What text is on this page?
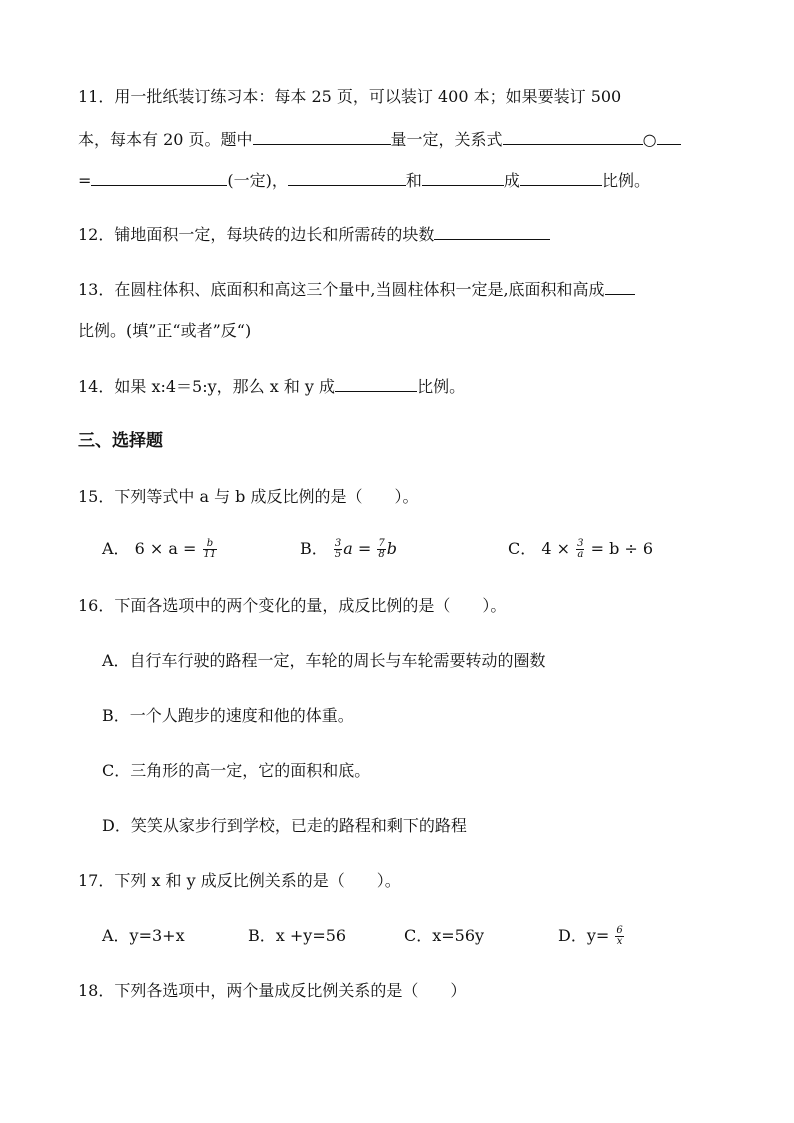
11．用一批纸装订练习本：每本 25 页，可以装订 400 本；如果要装订 500
本，每本有 20 页。题中	量一定，关系式	○
=	(一定)，	和	成	比例。
12．铺地面积一定，每块砖的边长和所需砖的块数
13．在圆柱体积、底面积和高这三个量中,当圆柱体积一定是,底面积和高成
比例。(填”正“或者”反“)
14．如果 x:4＝5:y，那么 x 和 y 成	比例。
三、选择题
15．下列等式中 a 与 b 成反比例的是（　　）。
A． $6 \times a = \frac{b}{11}$	B． $\frac{3}{5}$ $a = \frac{7}{8}$ b	C． $4 \times \frac{3}{a} = b \div 6$
16．下面各选项中的两个变化的量，成反比例的是（　　）。
A．自行车行驶的路程一定，车轮的周长与车轮需要转动的圈数
B．一个人跑步的速度和他的体重。
C．三角形的高一定，它的面积和底。
D．笑笑从家步行到学校，已走的路程和剩下的路程
17．下列 x 和 y 成反比例关系的是（　　）。
A．y=3+x	B．x +y=56	C．x=56y	D．$y= \frac{6}{x}$
18．下列各选项中，两个量成反比例关系的是（　　）
